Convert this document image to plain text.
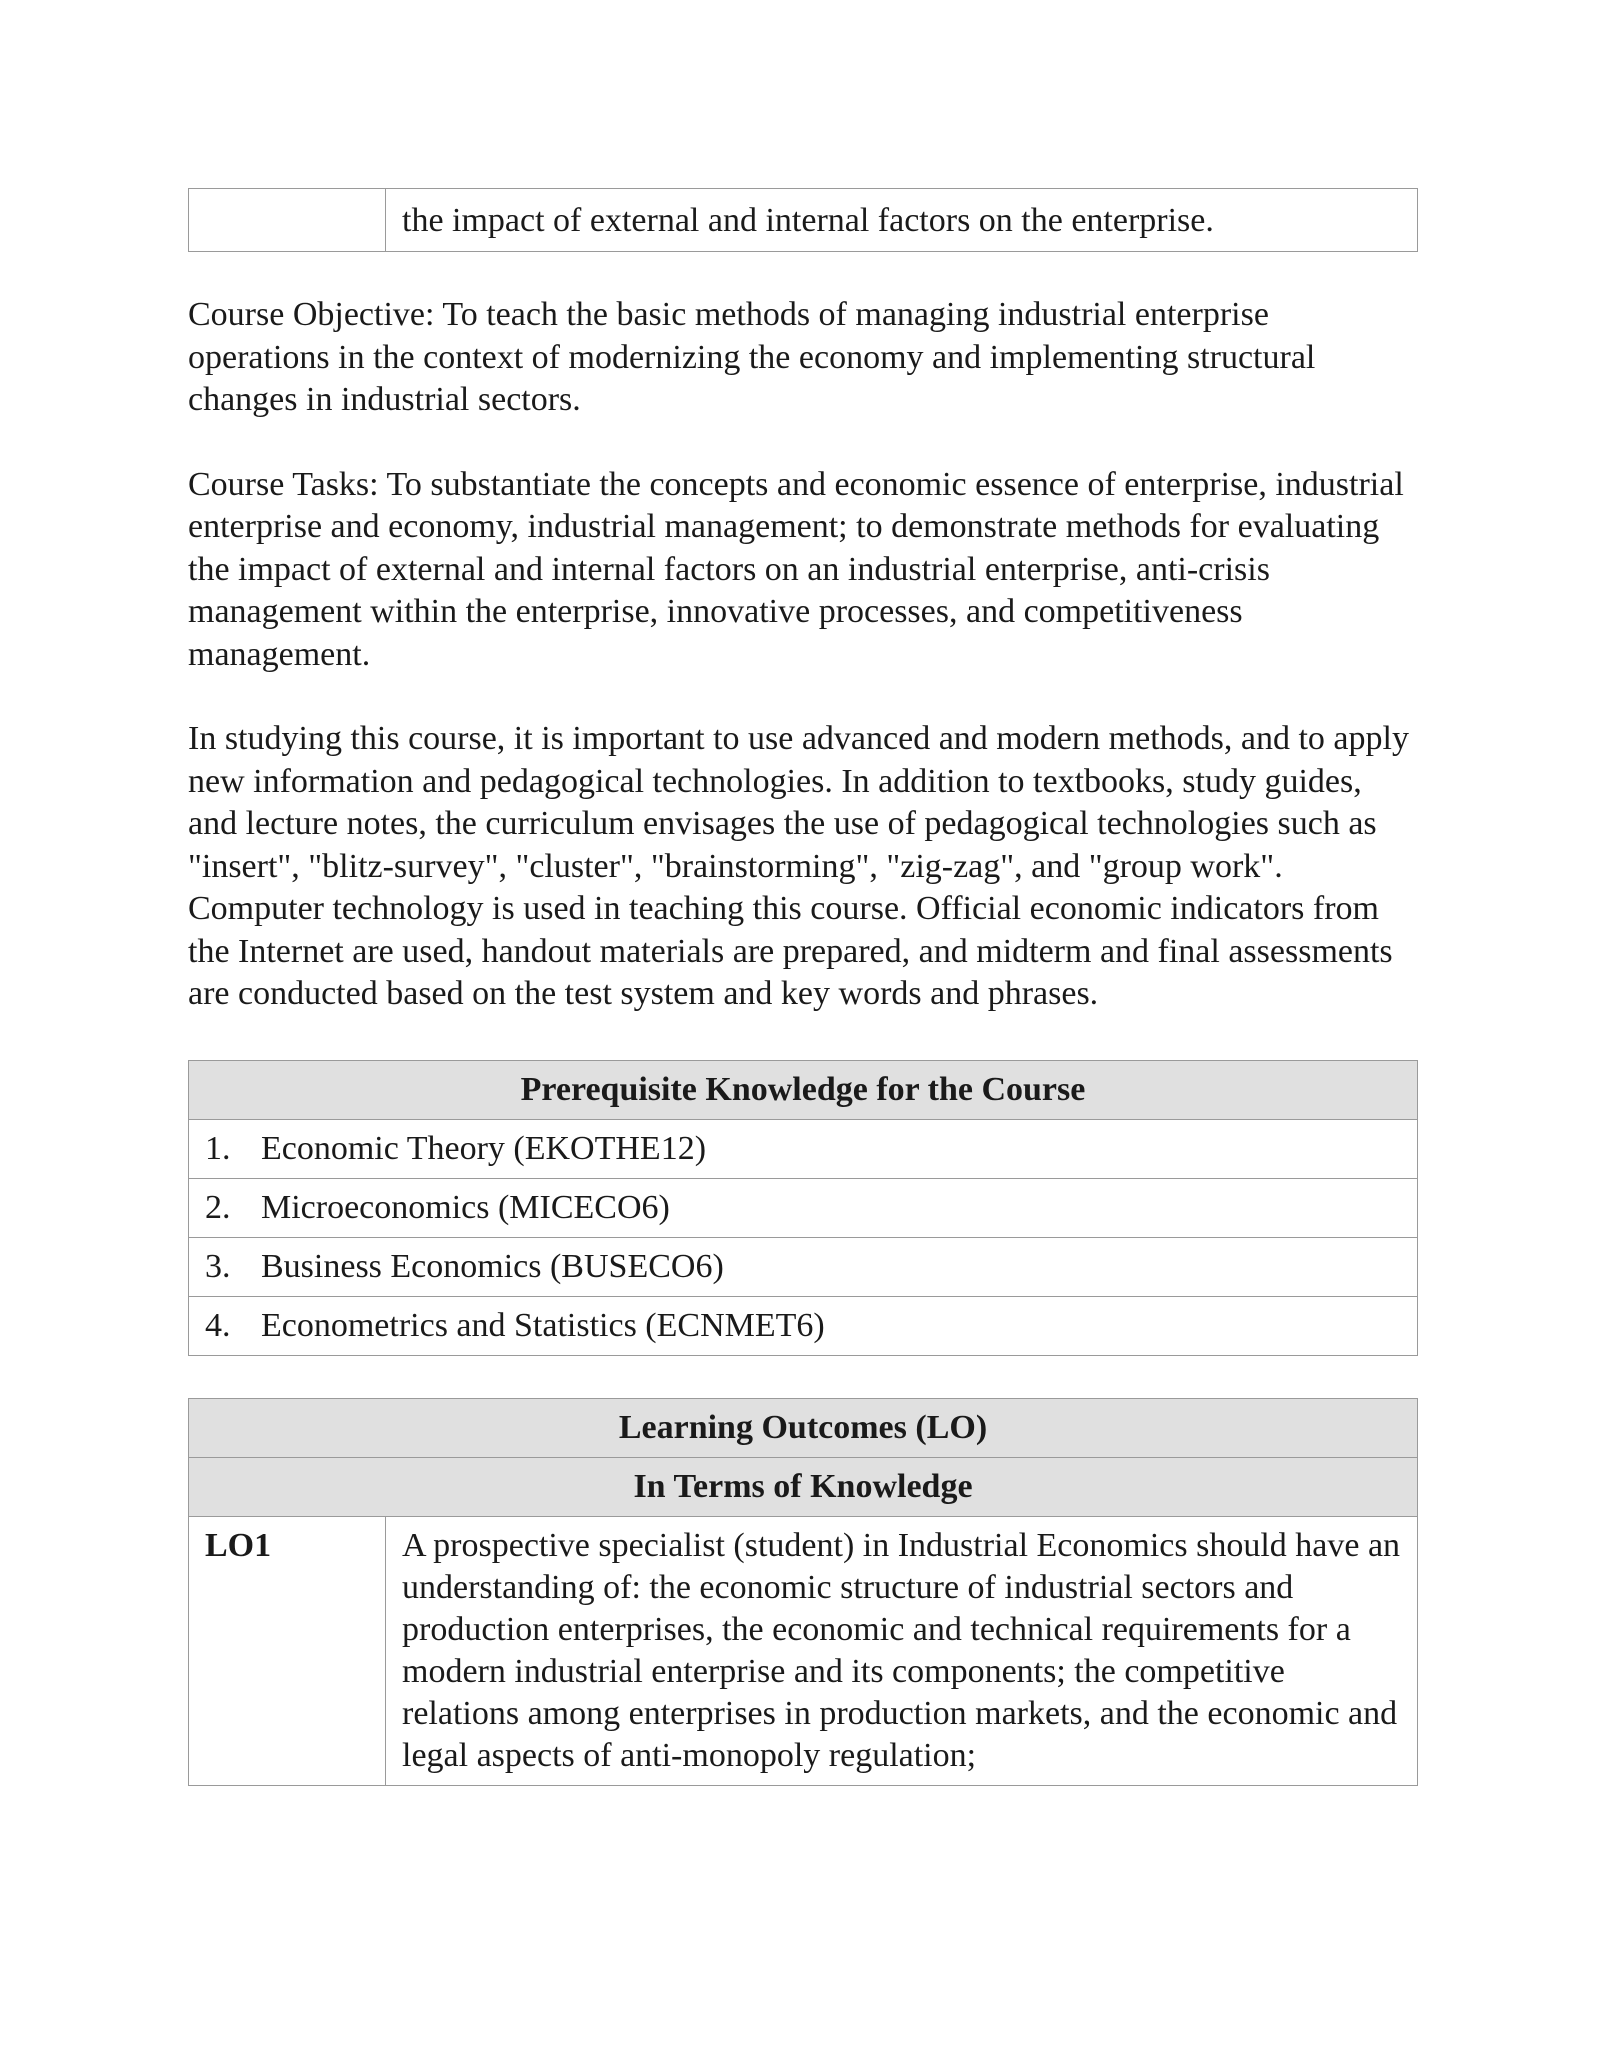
	the impact of external and internal factors on the enterprise.

Course Objective: To teach the basic methods of managing industrial enterprise operations in the context of modernizing the economy and implementing structural changes in industrial sectors.

Course Tasks: To substantiate the concepts and economic essence of enterprise, industrial enterprise and economy, industrial management; to demonstrate methods for evaluating the impact of external and internal factors on an industrial enterprise, anti-crisis management within the enterprise, innovative processes, and competitiveness management.

In studying this course, it is important to use advanced and modern methods, and to apply new information and pedagogical technologies. In addition to textbooks, study guides, and lecture notes, the curriculum envisages the use of pedagogical technologies such as "insert", "blitz-survey", "cluster", "brainstorming", "zig-zag", and "group work". Computer technology is used in teaching this course. Official economic indicators from the Internet are used, handout materials are prepared, and midterm and final assessments are conducted based on the test system and key words and phrases.

Prerequisite Knowledge for the Course
1. Economic Theory (EKOTHE12)
2. Microeconomics (MICECO6)
3. Business Economics (BUSECO6)
4. Econometrics and Statistics (ECNMET6)
Learning Outcomes (LO)
In Terms of Knowledge
LO1	A prospective specialist (student) in Industrial Economics should have an understanding of: the economic structure of industrial sectors and production enterprises, the economic and technical requirements for a modern industrial enterprise and its components; the competitive relations among enterprises in production markets, and the economic and legal aspects of anti-monopoly regulation;
